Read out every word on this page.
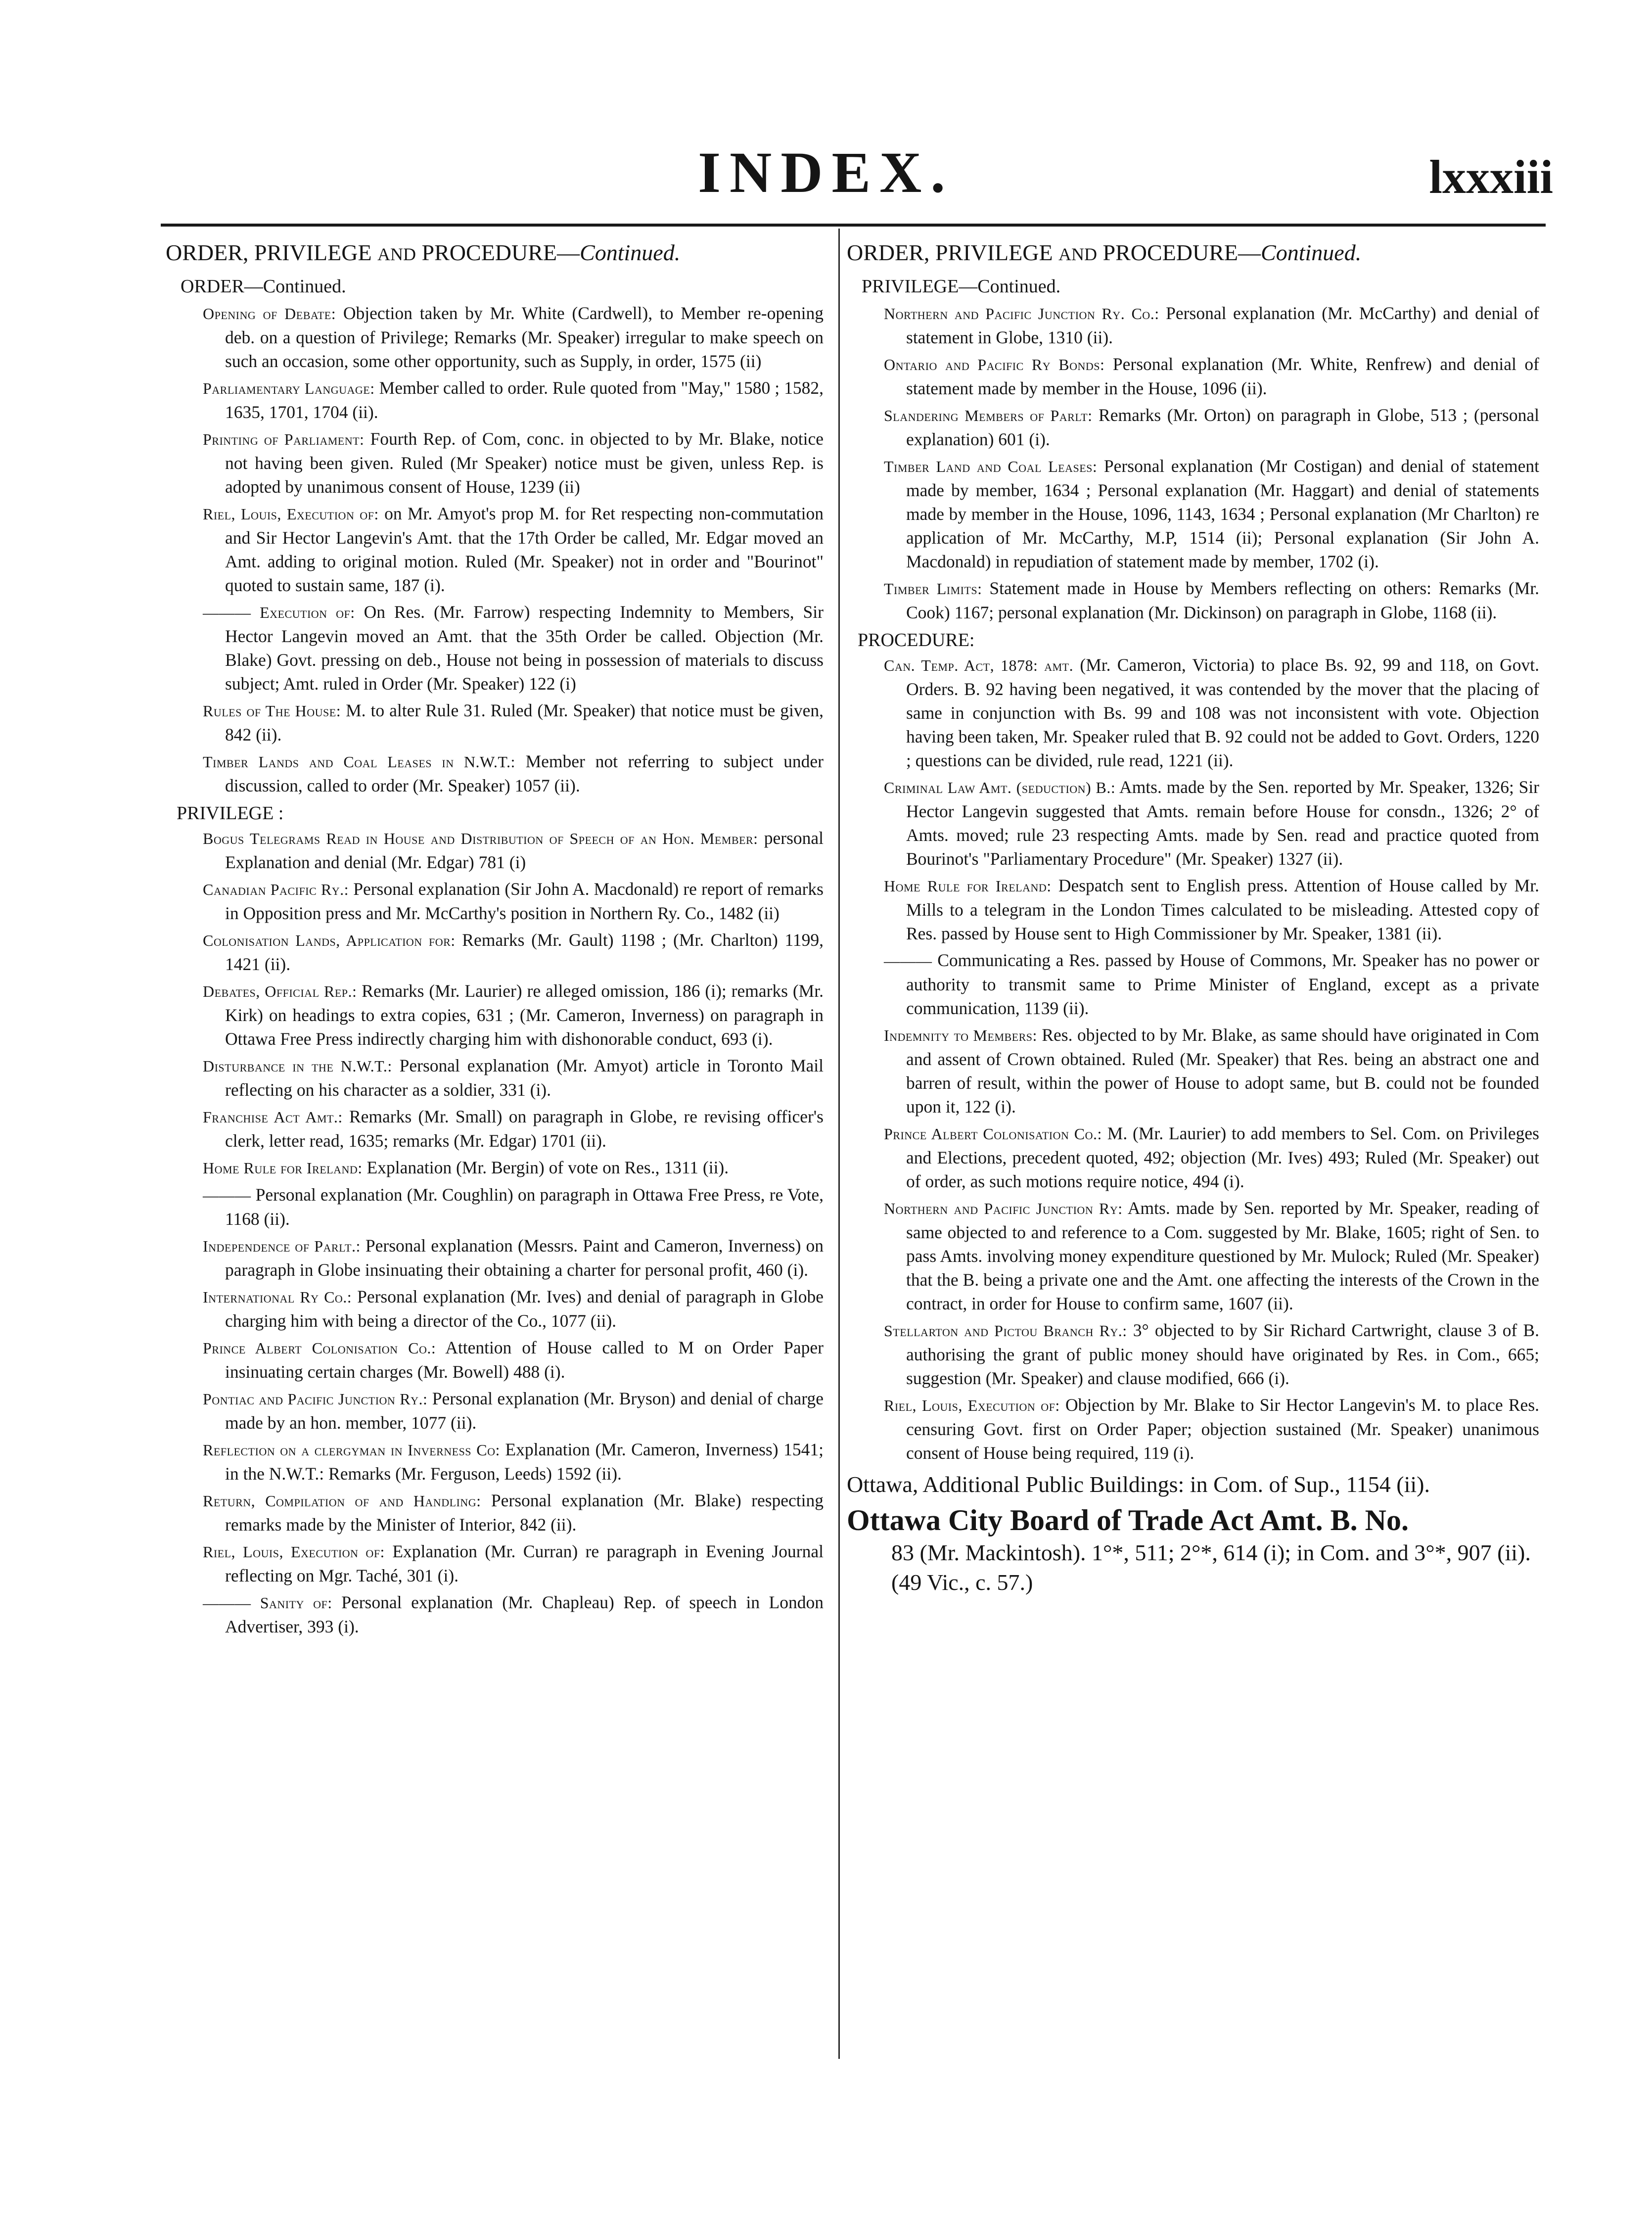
INDEX.	lxxxiii
ORDER, PRIVILEGE AND PROCEDURE—Continued.
ORDER—Continued.
Opening of Debate: Objection taken by Mr. White (Cardwell), to Member re-opening deb. on a question of Privilege; Remarks (Mr. Speaker) irregular to make speech on such an occasion, some other opportunity, such as Supply, in order, 1575 (ii)
Parliamentary Language: Member called to order. Rule quoted from "May," 1580 ; 1582, 1635, 1701, 1704 (ii).
Printing of Parliament: Fourth Rep. of Com, conc. in objected to by Mr. Blake, notice not having been given. Ruled (Mr Speaker) notice must be given, unless Rep. is adopted by unanimous consent of House, 1239 (ii)
Riel, Louis, Execution of: on Mr. Amyot's prop M. for Ret respecting non-commutation and Sir Hector Langevin's Amt. that the 17th Order be called, Mr. Edgar moved an Amt. adding to original motion. Ruled (Mr. Speaker) not in order and "Bourinot" quoted to sustain same, 187 (i).
——— Execution of: On Res. (Mr. Farrow) respecting Indemnity to Members, Sir Hector Langevin moved an Amt. that the 35th Order be called. Objection (Mr. Blake) Govt. pressing on deb., House not being in possession of materials to discuss subject; Amt. ruled in Order (Mr. Speaker) 122 (i)
Rules of The House: M. to alter Rule 31. Ruled (Mr. Speaker) that notice must be given, 842 (ii).
Timber Lands and Coal Leases in N.W.T.: Member not referring to subject under discussion, called to order (Mr. Speaker) 1057 (ii).
PRIVILEGE :
Bogus Telegrams Read in House and Distribution of Speech of an Hon. Member: personal Explanation and denial (Mr. Edgar) 781 (i)
Canadian Pacific Ry.: Personal explanation (Sir John A. Macdonald) re report of remarks in Opposition press and Mr. McCarthy's position in Northern Ry. Co., 1482 (ii)
Colonisation Lands, Application for: Remarks (Mr. Gault) 1198 ; (Mr. Charlton) 1199, 1421 (ii).
Debates, Official Rep.: Remarks (Mr. Laurier) re alleged omission, 186 (i); remarks (Mr. Kirk) on headings to extra copies, 631 ; (Mr. Cameron, Inverness) on paragraph in Ottawa Free Press indirectly charging him with dishonorable conduct, 693 (i).
Disturbance in the N.W.T.: Personal explanation (Mr. Amyot) article in Toronto Mail reflecting on his character as a soldier, 331 (i).
Franchise Act Amt.: Remarks (Mr. Small) on paragraph in Globe, re revising officer's clerk, letter read, 1635; remarks (Mr. Edgar) 1701 (ii).
Home Rule for Ireland: Explanation (Mr. Bergin) of vote on Res., 1311 (ii).
——— Personal explanation (Mr. Coughlin) on paragraph in Ottawa Free Press, re Vote, 1168 (ii).
Independence of Parlt.: Personal explanation (Messrs. Paint and Cameron, Inverness) on paragraph in Globe insinuating their obtaining a charter for personal profit, 460 (i).
International Ry Co.: Personal explanation (Mr. Ives) and denial of paragraph in Globe charging him with being a director of the Co., 1077 (ii).
Prince Albert Colonisation Co.: Attention of House called to M on Order Paper insinuating certain charges (Mr. Bowell) 488 (i).
Pontiac and Pacific Junction Ry.: Personal explanation (Mr. Bryson) and denial of charge made by an hon. member, 1077 (ii).
Reflection on a clergyman in Inverness Co: Explanation (Mr. Cameron, Inverness) 1541; in the N.W.T.: Remarks (Mr. Ferguson, Leeds) 1592 (ii).
Return, Compilation of and Handling: Personal explanation (Mr. Blake) respecting remarks made by the Minister of Interior, 842 (ii).
Riel, Louis, Execution of: Explanation (Mr. Curran) re paragraph in Evening Journal reflecting on Mgr. Taché, 301 (i).
——— Sanity of: Personal explanation (Mr. Chapleau) Rep. of speech in London Advertiser, 393 (i).
ORDER, PRIVILEGE AND PROCEDURE—Continued.
PRIVILEGE—Continued.
Northern and Pacific Junction Ry. Co.: Personal explanation (Mr. McCarthy) and denial of statement in Globe, 1310 (ii).
Ontario and Pacific Ry Bonds: Personal explanation (Mr. White, Renfrew) and denial of statement made by member in the House, 1096 (ii).
Slandering Members of Parlt: Remarks (Mr. Orton) on paragraph in Globe, 513 ; (personal explanation) 601 (i).
Timber Land and Coal Leases: Personal explanation (Mr Costigan) and denial of statement made by member, 1634 ; Personal explanation (Mr. Haggart) and denial of statements made by member in the House, 1096, 1143, 1634 ; Personal explanation (Mr Charlton) re application of Mr. McCarthy, M.P, 1514 (ii); Personal explanation (Sir John A. Macdonald) in repudiation of statement made by member, 1702 (i).
Timber Limits: Statement made in House by Members reflecting on others: Remarks (Mr. Cook) 1167; personal explanation (Mr. Dickinson) on paragraph in Globe, 1168 (ii).
PROCEDURE:
Can. Temp. Act, 1878: amt. (Mr. Cameron, Victoria) to place Bs. 92, 99 and 118, on Govt. Orders. B. 92 having been negatived, it was contended by the mover that the placing of same in conjunction with Bs. 99 and 108 was not inconsistent with vote. Objection having been taken, Mr. Speaker ruled that B. 92 could not be added to Govt. Orders, 1220 ; questions can be divided, rule read, 1221 (ii).
Criminal Law Amt. (seduction) B.: Amts. made by the Sen. reported by Mr. Speaker, 1326; Sir Hector Langevin suggested that Amts. remain before House for consdn., 1326; 2° of Amts. moved; rule 23 respecting Amts. made by Sen. read and practice quoted from Bourinot's "Parliamentary Procedure" (Mr. Speaker) 1327 (ii).
Home Rule for Ireland: Despatch sent to English press. Attention of House called by Mr. Mills to a telegram in the London Times calculated to be misleading. Attested copy of Res. passed by House sent to High Commissioner by Mr. Speaker, 1381 (ii).
——— Communicating a Res. passed by House of Commons, Mr. Speaker has no power or authority to transmit same to Prime Minister of England, except as a private communication, 1139 (ii).
Indemnity to Members: Res. objected to by Mr. Blake, as same should have originated in Com and assent of Crown obtained. Ruled (Mr. Speaker) that Res. being an abstract one and barren of result, within the power of House to adopt same, but B. could not be founded upon it, 122 (i).
Prince Albert Colonisation Co.: M. (Mr. Laurier) to add members to Sel. Com. on Privileges and Elections, precedent quoted, 492; objection (Mr. Ives) 493; Ruled (Mr. Speaker) out of order, as such motions require notice, 494 (i).
Northern and Pacific Junction Ry: Amts. made by Sen. reported by Mr. Speaker, reading of same objected to and reference to a Com. suggested by Mr. Blake, 1605; right of Sen. to pass Amts. involving money expenditure questioned by Mr. Mulock; Ruled (Mr. Speaker) that the B. being a private one and the Amt. one affecting the interests of the Crown in the contract, in order for House to confirm same, 1607 (ii).
Stellarton and Pictou Branch Ry.: 3° objected to by Sir Richard Cartwright, clause 3 of B. authorising the grant of public money should have originated by Res. in Com., 665; suggestion (Mr. Speaker) and clause modified, 666 (i).
Riel, Louis, Execution of: Objection by Mr. Blake to Sir Hector Langevin's M. to place Res. censuring Govt. first on Order Paper; objection sustained (Mr. Speaker) unanimous consent of House being required, 119 (i).
Ottawa, Additional Public Buildings: in Com. of Sup., 1154 (ii).
Ottawa City Board of Trade Act Amt. B. No.
83 (Mr. Mackintosh). 1°*, 511; 2°*, 614 (i); in Com. and 3°*, 907 (ii). (49 Vic., c. 57.)
